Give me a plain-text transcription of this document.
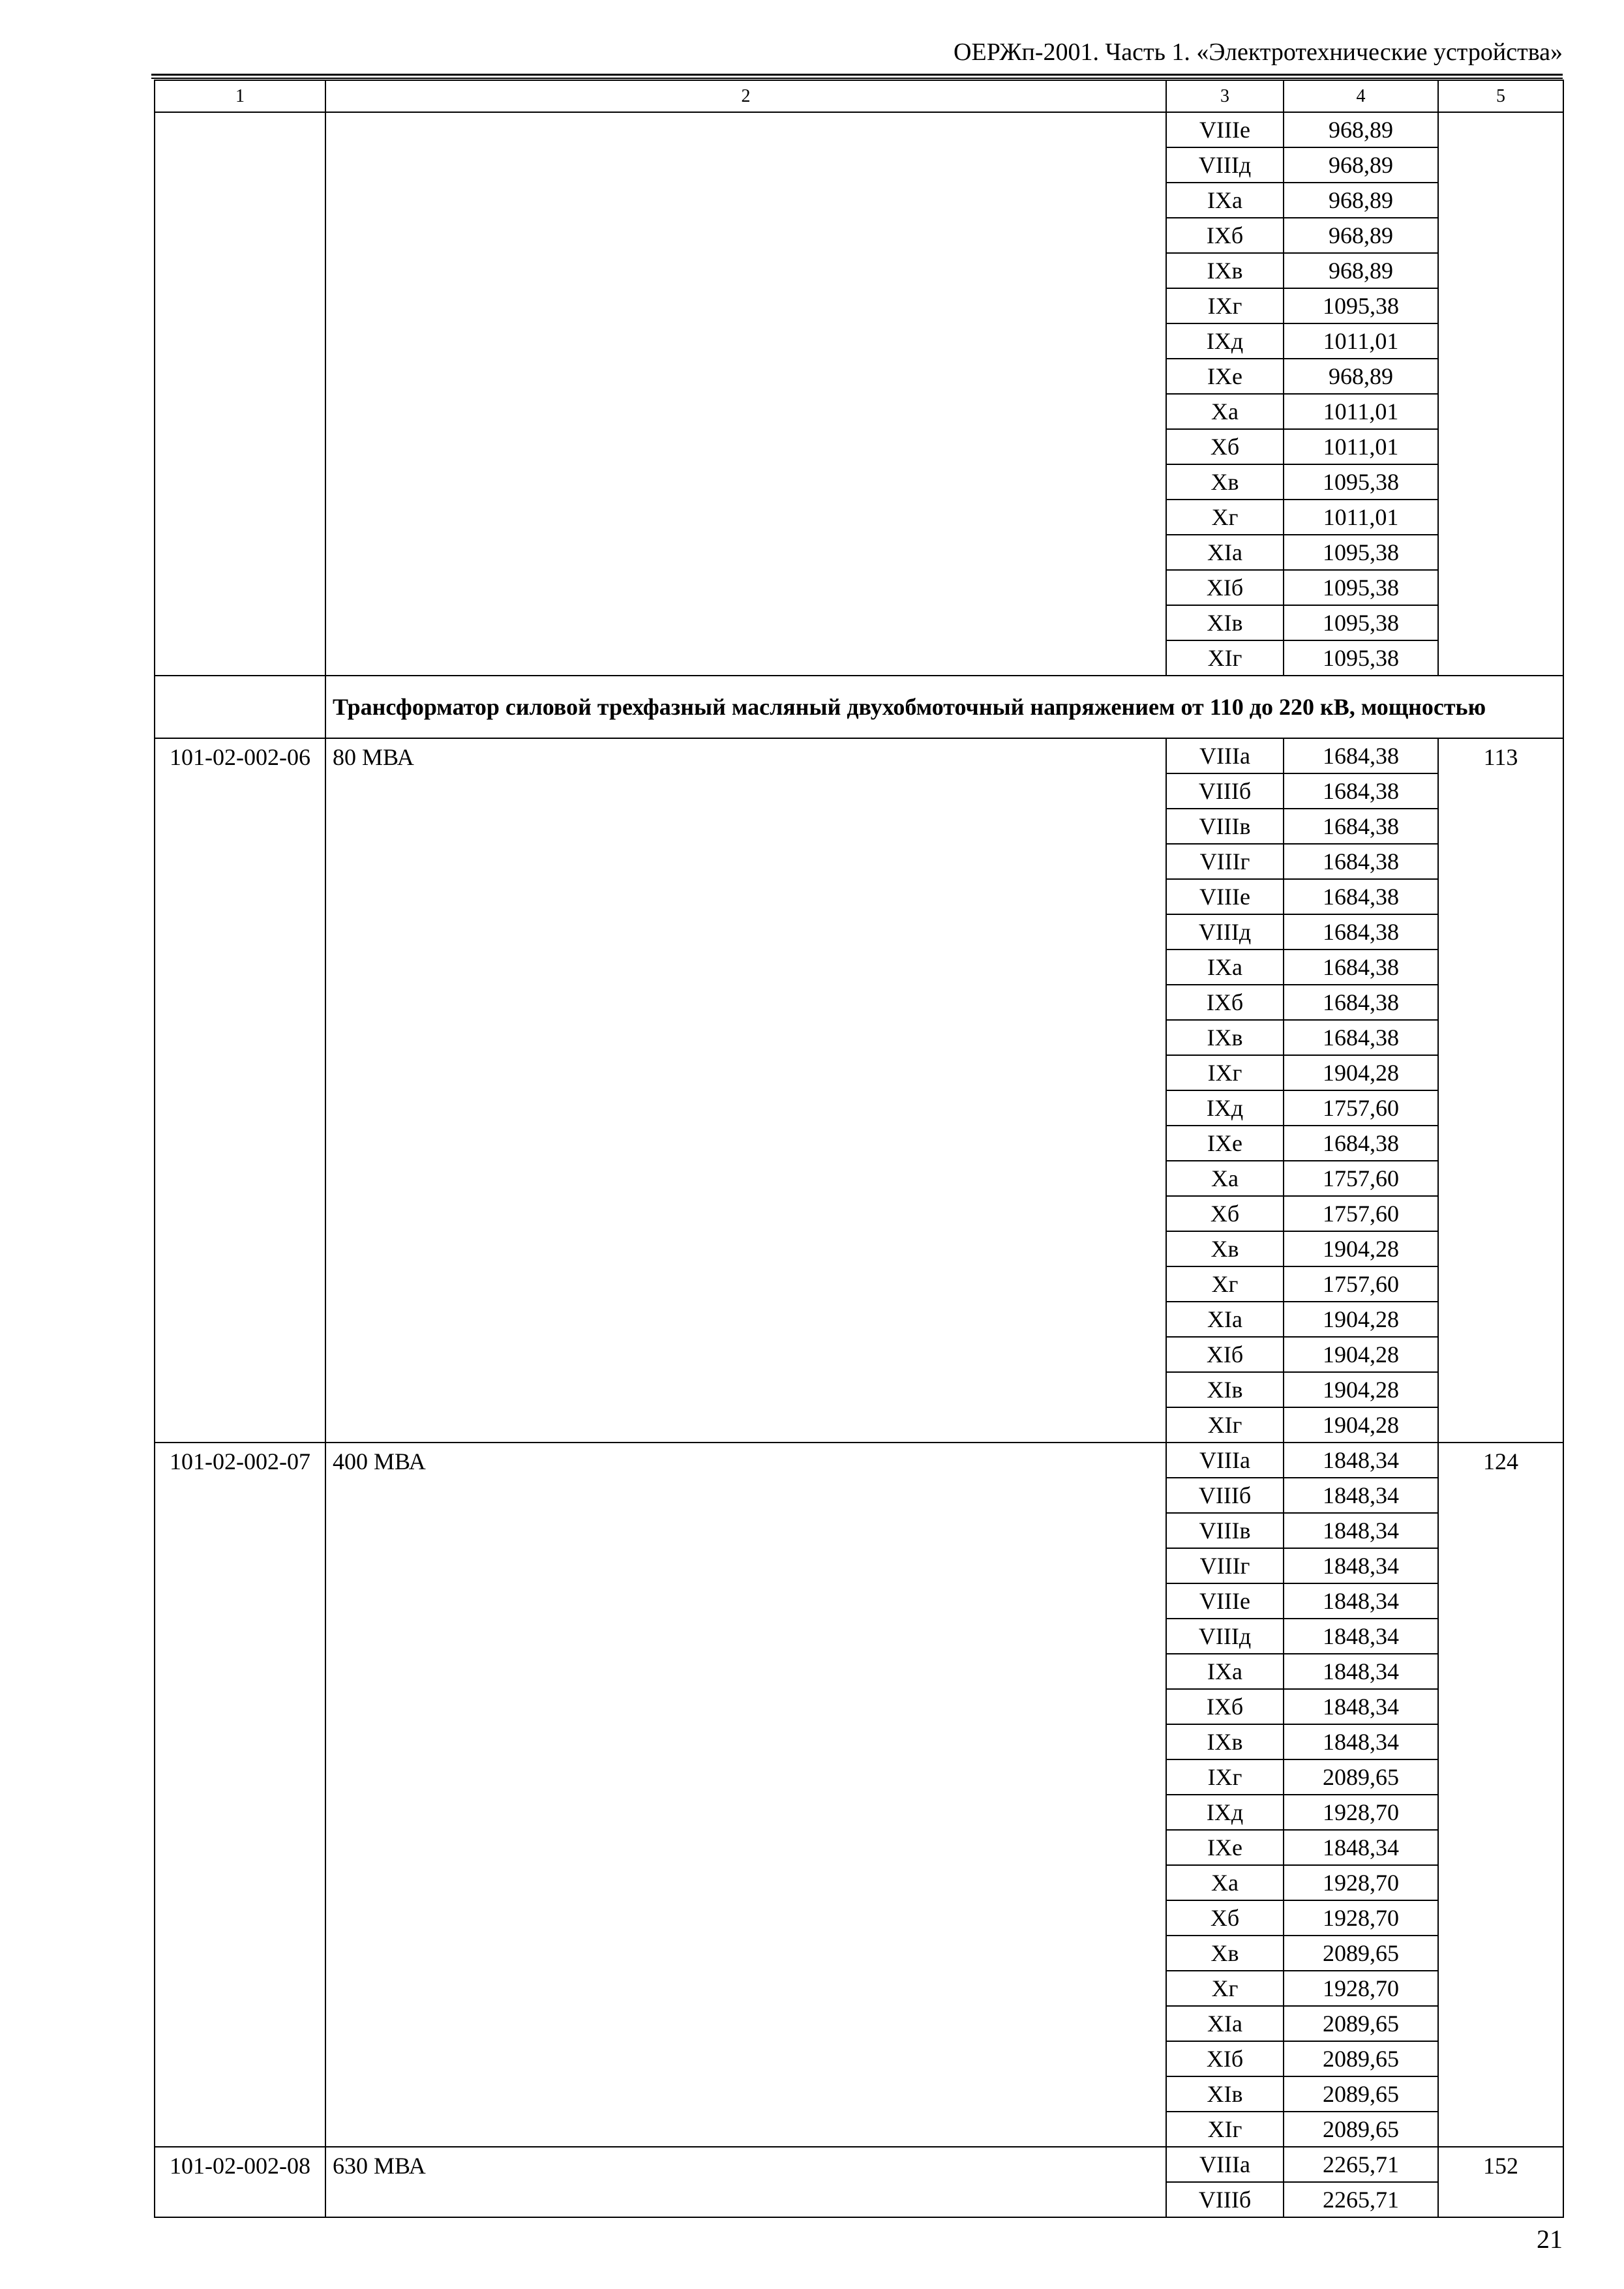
ОЕРЖп-2001. Часть 1. «Электротехнические устройства»
1	2	3	4	5
		VIIIе	968,89	
		VIIIд	968,89	
		IXа	968,89	
		IXб	968,89	
		IXв	968,89	
		IXг	1095,38	
		IXд	1011,01	
		IXе	968,89	
		Xа	1011,01	
		Xб	1011,01	
		Xв	1095,38	
		Xг	1011,01	
		XIа	1095,38	
		XIб	1095,38	
		XIв	1095,38	
		XIг	1095,38	
	Трансформатор силовой трехфазный масляный двухобмоточный напряжением от 110 до 220 кВ, мощностью			

101-02-002-06	80 МВА	VIIIа	1684,38	113

		VIIIб	1684,38	
		VIIIв	1684,38	
		VIIIг	1684,38	
		VIIIе	1684,38	
		VIIIд	1684,38	
		IXа	1684,38	
		IXб	1684,38	
		IXв	1684,38	
		IXг	1904,28	
		IXд	1757,60	
		IXе	1684,38	
		Xа	1757,60	
		Xб	1757,60	
		Xв	1904,28	
		Xг	1757,60	
		XIа	1904,28	
		XIб	1904,28	
		XIв	1904,28	
		XIг	1904,28	

101-02-002-07	400 МВА	VIIIа	1848,34	124

		VIIIб	1848,34	
		VIIIв	1848,34	
		VIIIг	1848,34	
		VIIIе	1848,34	
		VIIIд	1848,34	
		IXа	1848,34	
		IXб	1848,34	
		IXв	1848,34	
		IXг	2089,65	
		IXд	1928,70	
		IXе	1848,34	
		Xа	1928,70	
		Xб	1928,70	
		Xв	2089,65	
		Xг	1928,70	
		XIа	2089,65	
		XIб	2089,65	
		XIв	2089,65	
		XIг	2089,65	

101-02-002-08	630 МВА	VIIIа	2265,71	152

		VIIIб	2265,71	
21
